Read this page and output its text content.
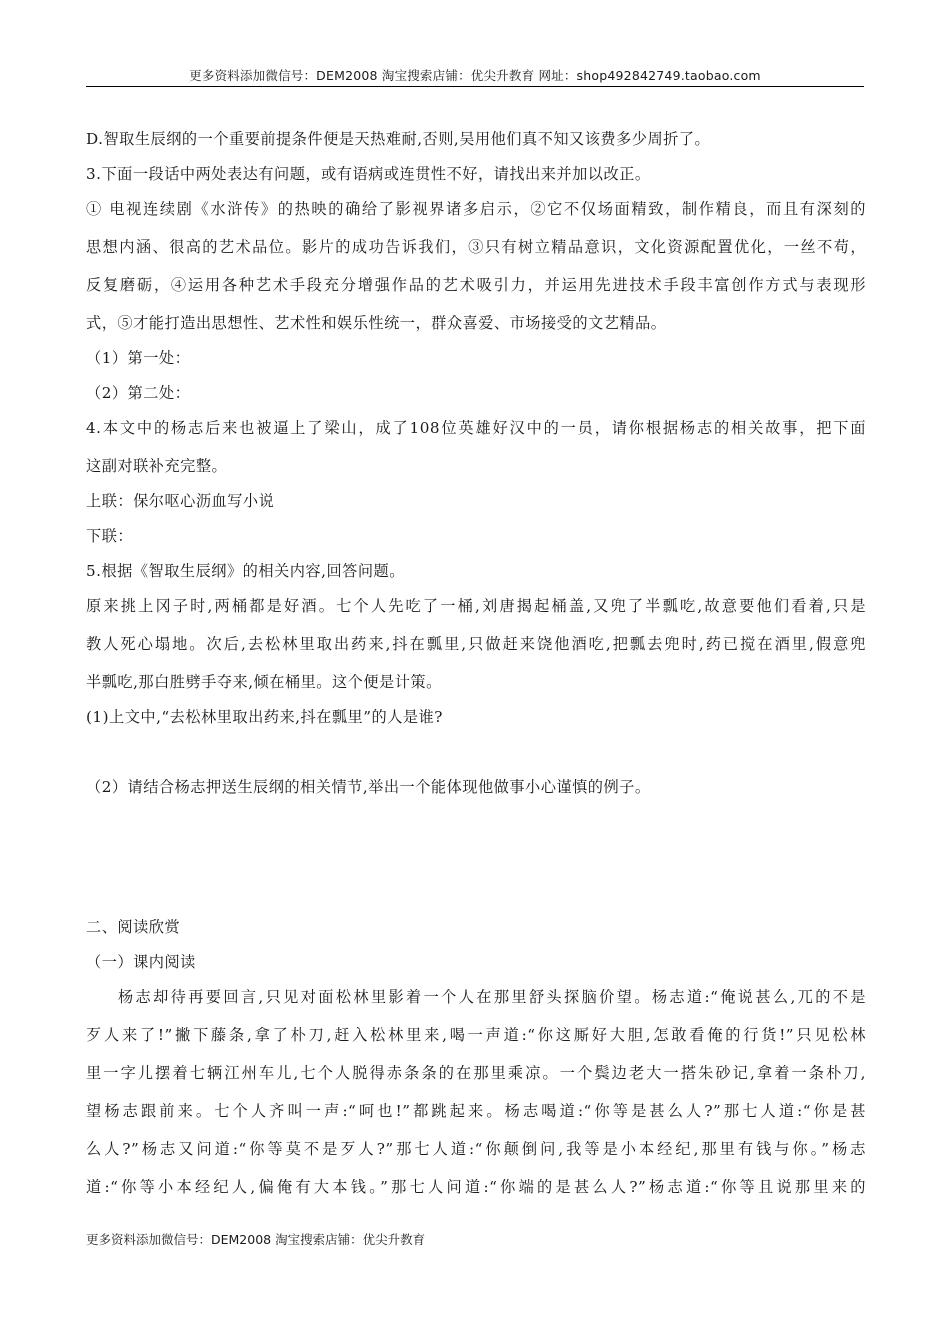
更多资料添加微信号：DEM2008 淘宝搜索店铺：优尖升教育 网址：shop492842749.taobao.com
D.智取生辰纲的一个重要前提条件便是天热难耐,否则,吴用他们真不知又该费多少周折了。
3.下面一段话中两处表达有问题，或有语病或连贯性不好，请找出来并加以改正。
① 电视连续剧《水浒传》的热映的确给了影视界诸多启示，②它不仅场面精致，制作精良，而且有深刻的
思想内涵、很高的艺术品位。影片的成功告诉我们，③只有树立精品意识，文化资源配置优化，一丝不苟，
反复磨砺，④运用各种艺术手段充分增强作品的艺术吸引力，并运用先进技术手段丰富创作方式与表现形
式，⑤才能打造出思想性、艺术性和娱乐性统一，群众喜爱、市场接受的文艺精品。
（1）第一处：
（2）第二处：
4.本文中的杨志后来也被逼上了梁山，成了108位英雄好汉中的一员，请你根据杨志的相关故事，把下面
这副对联补充完整。
上联：保尔呕心沥血写小说
下联：
5.根据《智取生辰纲》的相关内容,回答问题。
原来挑上冈子时,两桶都是好酒。七个人先吃了一桶,刘唐揭起桶盖,又兜了半瓢吃,故意要他们看着,只是
教人死心塌地。次后,去松林里取出药来,抖在瓢里,只做赶来饶他酒吃,把瓢去兜时,药已搅在酒里,假意兜
半瓢吃,那白胜劈手夺来,倾在桶里。这个便是计策。
(1)上文中,“去松林里取出药来,抖在瓢里”的人是谁?
（2）请结合杨志押送生辰纲的相关情节,举出一个能体现他做事小心谨慎的例子。
二、阅读欣赏
（一）课内阅读
杨志却待再要回言,只见对面松林里影着一个人在那里舒头探脑价望。杨志道:“俺说甚么,兀的不是
歹人来了!”撇下藤条,拿了朴刀,赶入松林里来,喝一声道:“你这厮好大胆,怎敢看俺的行货!”只见松林
里一字儿摆着七辆江州车儿,七个人脱得赤条条的在那里乘凉。一个鬓边老大一搭朱砂记,拿着一条朴刀,
望杨志跟前来。七个人齐叫一声:“呵也!”都跳起来。杨志喝道:“你等是甚么人?”那七人道:“你是甚
么人?”杨志又问道:“你等莫不是歹人?”那七人道:“你颠倒问,我等是小本经纪,那里有钱与你。”杨志
道:“你等小本经纪人,偏俺有大本钱。”那七人问道:“你端的是甚么人?”杨志道:“你等且说那里来的
更多资料添加微信号：DEM2008 淘宝搜索店铺：优尖升教育
